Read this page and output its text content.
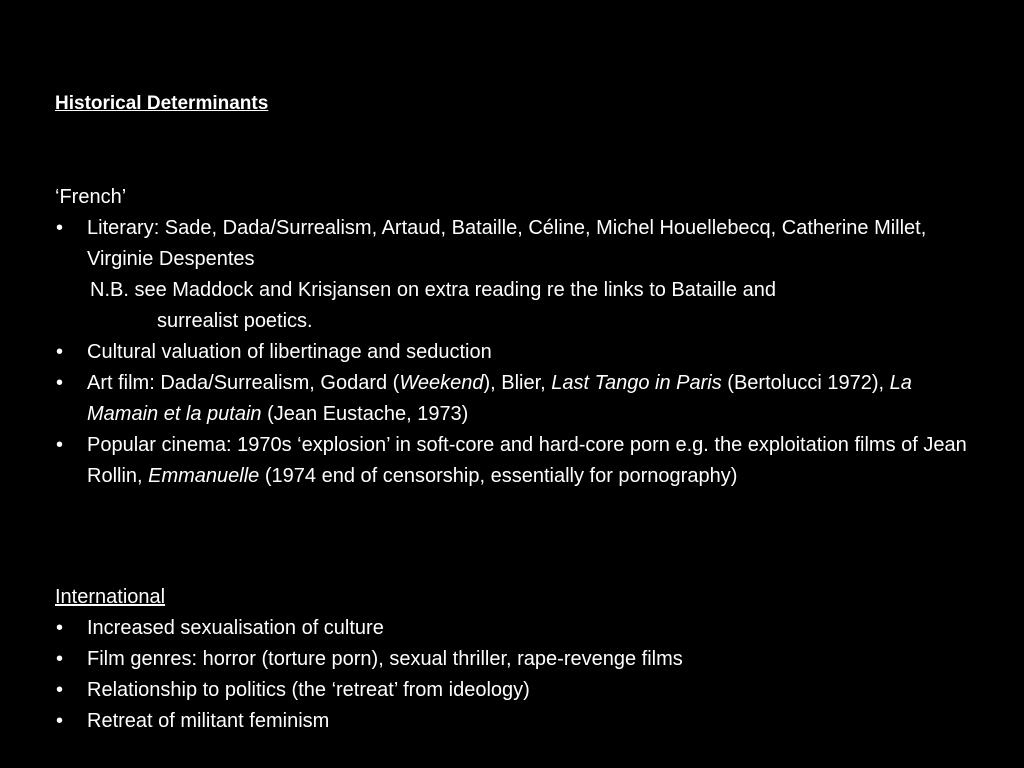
Historical Determinants
‘French’
•	Literary: Sade, Dada/Surrealism, Artaud, Bataille, Céline, Michel Houellebecq, Catherine Millet, Virginie Despentes
N.B. see Maddock and Krisjansen on extra reading re the links to Bataille and
surrealist poetics.
•	Cultural valuation of libertinage and seduction
•	Art film: Dada/Surrealism, Godard (Weekend), Blier, Last Tango in Paris (Bertolucci 1972), La Mamain et la putain (Jean Eustache, 1973)
•	Popular cinema: 1970s ‘explosion’ in soft-core and hard-core porn e.g. the exploitation films of Jean Rollin, Emmanuelle (1974 end of censorship, essentially for pornography)
International
•	Increased sexualisation of culture
•	Film genres: horror (torture porn), sexual thriller, rape-revenge films
•	Relationship to politics (the ‘retreat’ from ideology)
•	Retreat of militant feminism
